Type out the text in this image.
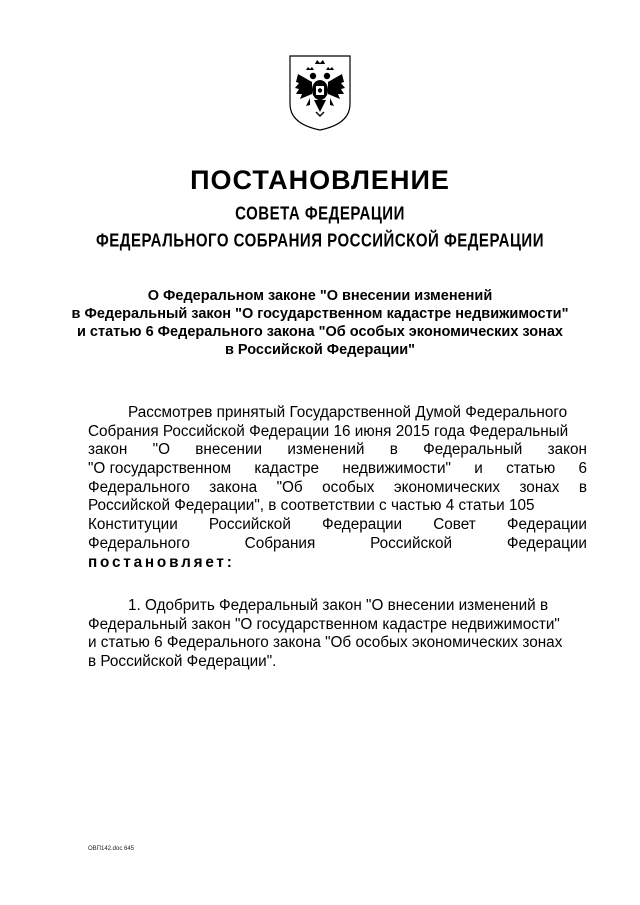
ПОСТАНОВЛЕНИЕ
СОВЕТА ФЕДЕРАЦИИ
ФЕДЕРАЛЬНОГО СОБРАНИЯ РОССИЙСКОЙ ФЕДЕРАЦИИ
О Федеральном законе "О внесении изменений
в Федеральный закон "О государственном кадастре недвижимости"
и статью 6 Федерального закона "Об особых экономических зонах
в Российской Федерации"
Рассмотрев принятый Государственной Думой Федерального
Собрания Российской Федерации 16 июня 2015 года Федеральный
закон "О внесении изменений в Федеральный закон
"О государственном кадастре недвижимости" и статью 6
Федерального закона "Об особых экономических зонах в
Российской Федерации", в соответствии с частью 4 статьи 105
Конституции Российской Федерации Совет Федерации
Федерального	Собрания	Российской	Федерации
постановляет:
1. Одобрить Федеральный закон "О внесении изменений в
Федеральный закон "О государственном кадастре недвижимости"
и статью 6 Федерального закона "Об особых экономических зонах
в Российской Федерации".
ОВП142.doc 645
